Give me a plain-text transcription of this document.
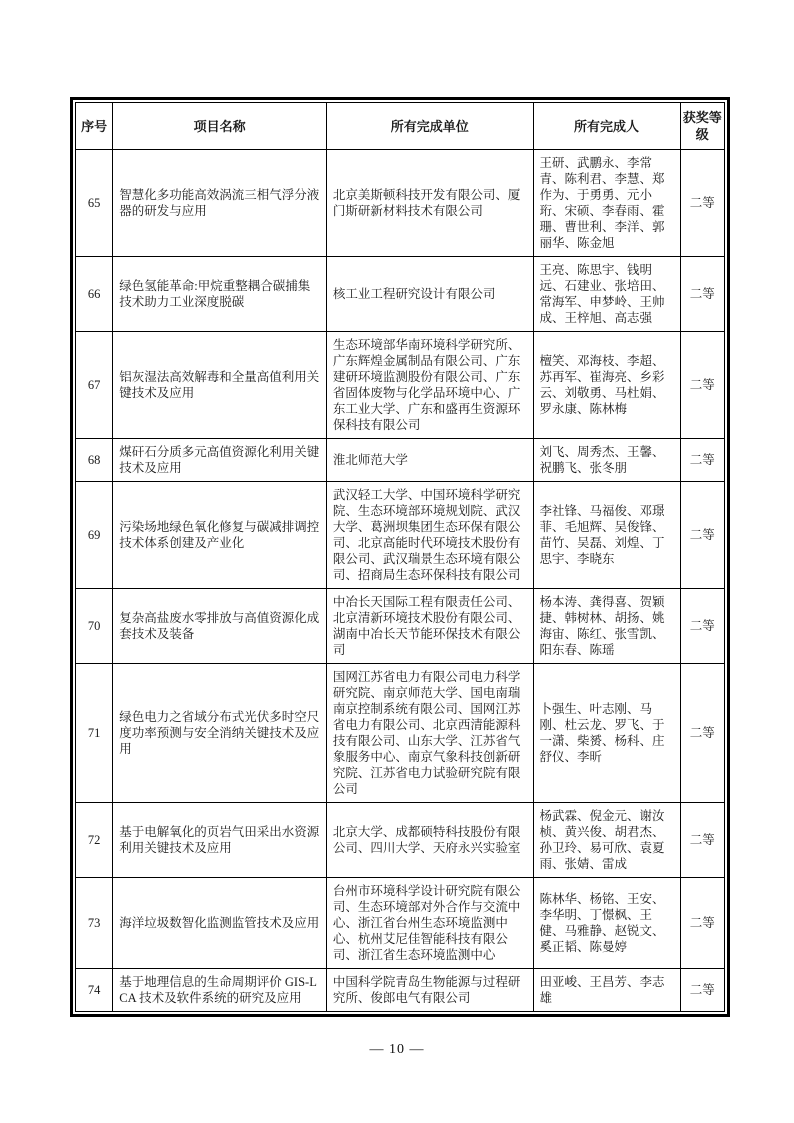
序号	项目名称	所有完成单位	所有完成人	获奖等级
65	智慧化多功能高效涡流三相气浮分液器的研发与应用	北京美斯顿科技开发有限公司、厦门斯研新材料技术有限公司	王研、武鹏永、李常青、陈利君、李慧、郑作为、于勇勇、元小珩、宋硕、李春雨、霍珊、曹世利、李洋、郭丽华、陈金旭	二等
66	绿色氢能革命:甲烷重整耦合碳捕集技术助力工业深度脱碳	核工业工程研究设计有限公司	王亮、陈思宇、钱明远、石建业、张培田、常海军、申梦岭、王帅成、王梓旭、高志强	二等
67	铝灰湿法高效解毒和全量高值利用关键技术及应用	生态环境部华南环境科学研究所、广东辉煌金属制品有限公司、广东建研环境监测股份有限公司、广东省固体废物与化学品环境中心、广东工业大学、广东和盛再生资源环保科技有限公司	檀笑、邓海枝、李超、苏再军、崔海亮、乡彩云、刘敬勇、马杜娟、罗永康、陈林梅	二等
68	煤矸石分质多元高值资源化利用关键技术及应用	淮北师范大学	刘飞、周秀杰、王馨、祝鹏飞、张冬朋	二等
69	污染场地绿色氧化修复与碳减排调控技术体系创建及产业化	武汉轻工大学、中国环境科学研究院、生态环境部环境规划院、武汉大学、葛洲坝集团生态环保有限公司、北京高能时代环境技术股份有限公司、武汉瑞景生态环境有限公司、招商局生态环保科技有限公司	李社锋、马福俊、邓璟菲、毛旭辉、吴俊锋、苗竹、吴磊、刘煌、丁思宇、李晓东	二等
70	复杂高盐废水零排放与高值资源化成套技术及装备	中冶长天国际工程有限责任公司、北京清新环境技术股份有限公司、湖南中冶长天节能环保技术有限公司	杨本涛、龚得喜、贺颖捷、韩树林、胡扬、姚海宙、陈红、张雪凯、阳东春、陈瑶	二等
71	绿色电力之省域分布式光伏多时空尺度功率预测与安全消纳关键技术及应用	国网江苏省电力有限公司电力科学研究院、南京师范大学、国电南瑞南京控制系统有限公司、国网江苏省电力有限公司、北京西清能源科技有限公司、山东大学、江苏省气象服务中心、南京气象科技创新研究院、江苏省电力试验研究院有限公司	卜强生、叶志刚、马刚、杜云龙、罗飞、于一潇、柴赟、杨科、庄舒仪、李昕	二等
72	基于电解氧化的页岩气田采出水资源利用关键技术及应用	北京大学、成都硕特科技股份有限公司、四川大学、天府永兴实验室	杨武霖、倪金元、谢汝桢、黄兴俊、胡君杰、孙卫玲、易可欣、袁夏雨、张婧、雷成	二等
73	海洋垃圾数智化监测监管技术及应用	台州市环境科学设计研究院有限公司、生态环境部对外合作与交流中心、浙江省台州生态环境监测中心、杭州艾尼佳智能科技有限公司、浙江省生态环境监测中心	陈林华、杨铭、王安、李华明、丁憬枫、王健、马雅静、赵锐文、奚正韬、陈曼婷	二等
74	基于地理信息的生命周期评价 GIS-LCA 技术及软件系统的研究及应用	中国科学院青岛生物能源与过程研究所、俊郎电气有限公司	田亚峻、王昌芳、李志雄	二等
— 10 —
